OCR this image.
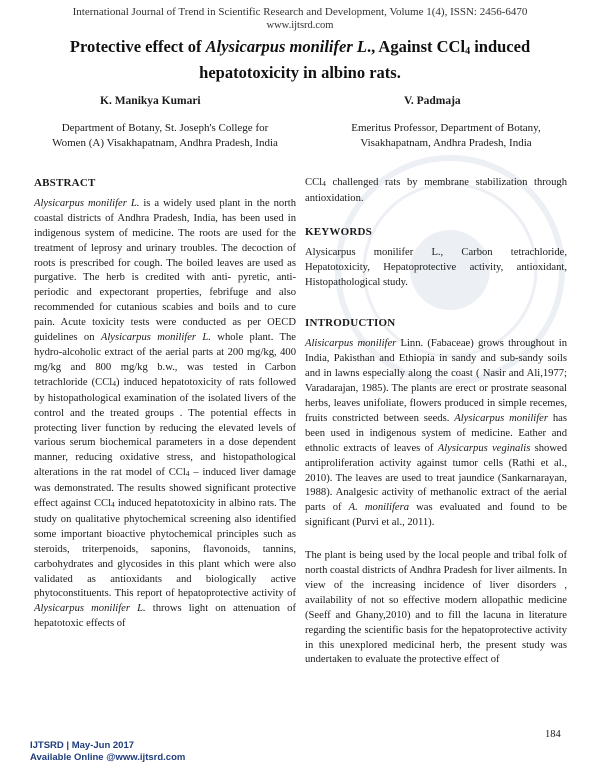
International Journal of Trend in Scientific Research and Development, Volume 1(4), ISSN: 2456-6470
www.ijtsrd.com
Protective effect of Alysicarpus monilifer L., Against CCl$_4$ induced hepatotoxicity in albino rats.
K. Manikya Kumari	V. Padmaja
Department of Botany, St. Joseph's College for
Women (A) Visakhapatnam, Andhra Pradesh, India
Emeritus Professor, Department of Botany,
Visakhapatnam, Andhra Pradesh, India
ABSTRACT
Alysicarpus monilifer L. is a widely used plant in the north coastal districts of Andhra Pradesh, India, has been used in indigenous system of medicine. The roots are used for the treatment of leprosy and urinary troubles. The decoction of roots is prescribed for cough. The boiled leaves are used as purgative. The herb is credited with anti- pyretic, anti- periodic and expectorant properties, febrifuge and also recommended for cutanious scabies and boils and to cure pain. Acute toxicity tests were conducted as per OECD guidelines on Alysicarpus monilifer L. whole plant. The hydro-alcoholic extract of the aerial parts at 200 mg/kg, 400 mg/kg and 800 mg/kg b.w., was tested in Carbon tetrachloride (CCl$_4$) induced hepatotoxicity of rats followed by histopathological examination of the isolated livers of the control and the treated groups . The potential effects in protecting liver function by reducing the elevated levels of various serum biochemical parameters in a dose dependent manner, reducing oxidative stress, and histopathological alterations in the rat model of CCl$_4$ – induced liver damage was demonstrated. The results showed significant protective effect against CCl$_4$ induced hepatotoxicity in albino rats. The study on qualitative phytochemical screening also identified some important bioactive phytochemical principles such as steroids, triterpenoids, saponins, flavonoids, tannins, carbohydrates and glycosides in this plant which were also validated as antioxidants and biologically active phytoconstituents. This report of hepatoprotective activity of Alysicarpus monilifer L. throws light on attenuation of hepatotoxic effects of
CCl$_4$ challenged rats by membrane stabilization through antioxidation.
KEYWORDS
Alysicarpus monilifer L., Carbon tetrachloride, Hepatotoxicity, Hepatoprotective activity, antioxidant, Histopathological study.
INTRODUCTION
Alisicarpus monilifer Linn. (Fabaceae) grows throughout in India, Pakisthan and Ethiopia in sandy and sub-sandy soils and in lawns especially along the coast ( Nasir and Ali,1977; Varadarajan, 1985). The plants are erect or prostrate seasonal herbs, leaves unifoliate, flowers produced in simple recemes, fruits constricted between seeds. Alysicarpus monilifer has been used in indigenous system of medicine. Eather and ethnolic extracts of leaves of Alysicarpus veginalis showed antiproliferation activity against tumor cells (Rathi et al., 2010). The leaves are used to treat jaundice (Sankarnarayan, 1988). Analgesic activity of methanolic extract of the aerial parts of A. monilifera was evaluated and found to be significant (Purvi et al., 2011).
The plant is being used by the local people and tribal folk of north coastal districts of Andhra Pradesh for liver ailments. In view of the increasing incidence of liver disorders , availability of not so effective modern allopathic medicine (Seeff and Ghany,2010) and to fill the lacuna in literature regarding the scientific basis for the hepatoprotective activity in this unexplored medicinal herb, the present study was undertaken to evaluate the protective effect of
IJTSRD | May-Jun 2017
Available Online @www.ijtsrd.com
184
